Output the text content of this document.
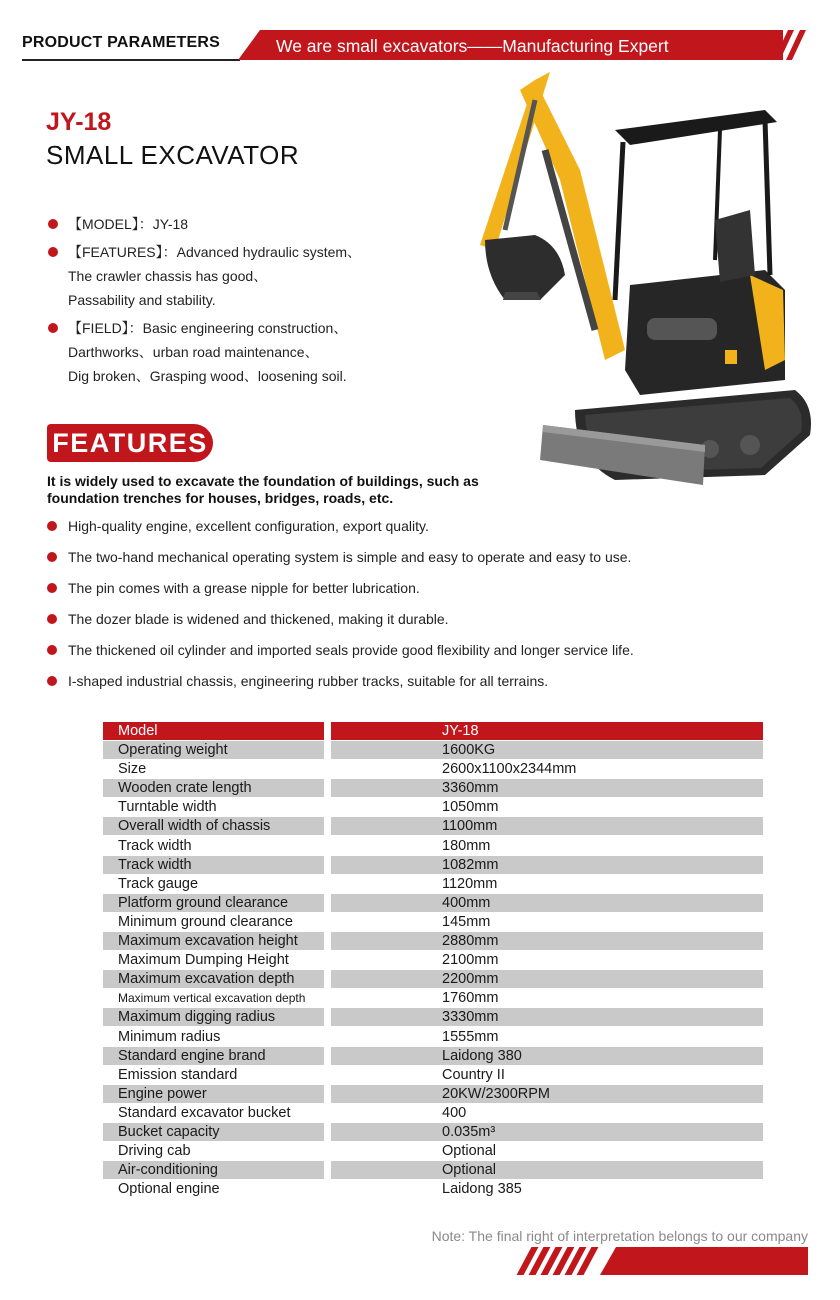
PRODUCT PARAMETERS	We are small excavators——Manufacturing Expert
JY-18
SMALL EXCAVATOR
【MODEL】：JY-18
【FEATURES】：Advanced hydraulic system、
The crawler chassis has good、
Passability and stability.
【FIELD】：Basic engineering construction、
Darthworks、urban road maintenance、
Dig broken、Grasping wood、loosening soil.
FEATURES
It is widely used to excavate the foundation of buildings, such as foundation trenches for houses, bridges, roads, etc.
High-quality engine, excellent configuration, export quality.
The two-hand mechanical operating system is simple and easy to operate and easy to use.
The pin comes with a grease nipple for better lubrication.
The dozer blade is widened and thickened, making it durable.
The thickened oil cylinder and imported seals provide good flexibility and longer service life.
I-shaped industrial chassis, engineering rubber tracks, suitable for all terrains.
Model	JY-18
Operating weight	1600KG
Size	2600x1100x2344mm
Wooden crate length	3360mm
Turntable width	1050mm
Overall width of chassis	1100mm
Track width	180mm
Track width	1082mm
Track gauge	1120mm
Platform ground clearance	400mm
Minimum ground clearance	145mm
Maximum excavation height	2880mm
Maximum Dumping Height	2100mm
Maximum excavation depth	2200mm
Maximum vertical excavation depth	1760mm
Maximum digging radius	3330mm
Minimum radius	1555mm
Standard engine brand	Laidong 380
Emission standard	Country II
Engine power	20KW/2300RPM
Standard excavator bucket	400
Bucket capacity	0.035m³
Driving cab	Optional
Air-conditioning	Optional
Optional engine	Laidong 385
Note: The final right of interpretation belongs to our company
